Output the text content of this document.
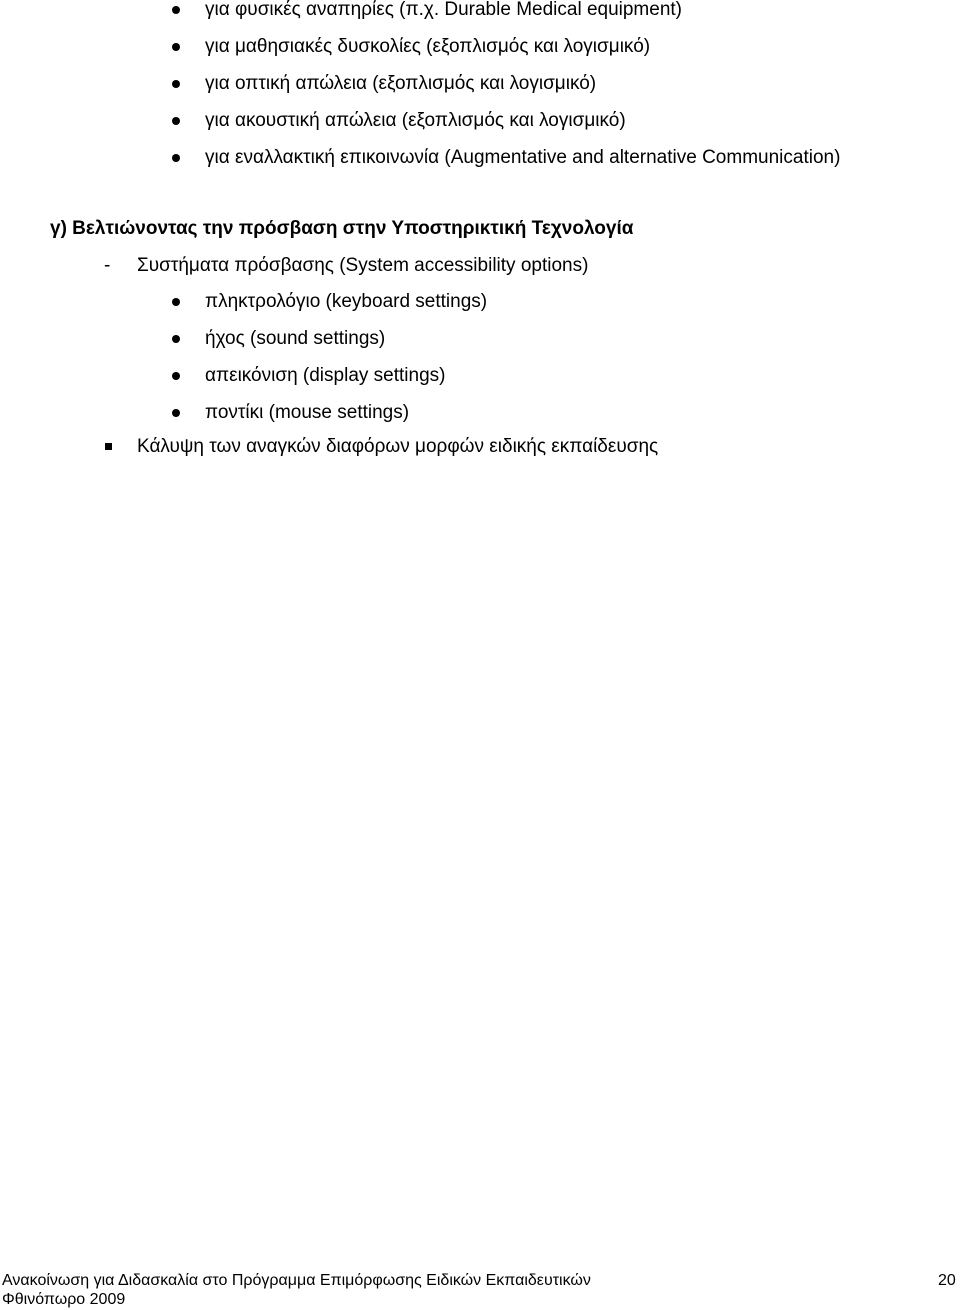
για φυσικές αναπηρίες (π.χ. Durable Medical equipment)
για μαθησιακές δυσκολίες (εξοπλισμός και λογισμικό)
για οπτική απώλεια (εξοπλισμός και λογισμικό)
για ακουστική απώλεια (εξοπλισμός και λογισμικό)
για εναλλακτική επικοινωνία (Augmentative and alternative Communication)
γ) Βελτιώνοντας την πρόσβαση στην Υποστηρικτική Τεχνολογία
- Συστήματα πρόσβασης (System accessibility options)
πληκτρολόγιο (keyboard settings)
ήχος (sound settings)
απεικόνιση (display settings)
ποντίκι (mouse settings)
Κάλυψη των αναγκών διαφόρων μορφών ειδικής εκπαίδευσης
Ανακοίνωση για Διδασκαλία στο Πρόγραμμα Επιμόρφωσης Ειδικών Εκπαιδευτικών
Φθινόπωρο 2009
20
